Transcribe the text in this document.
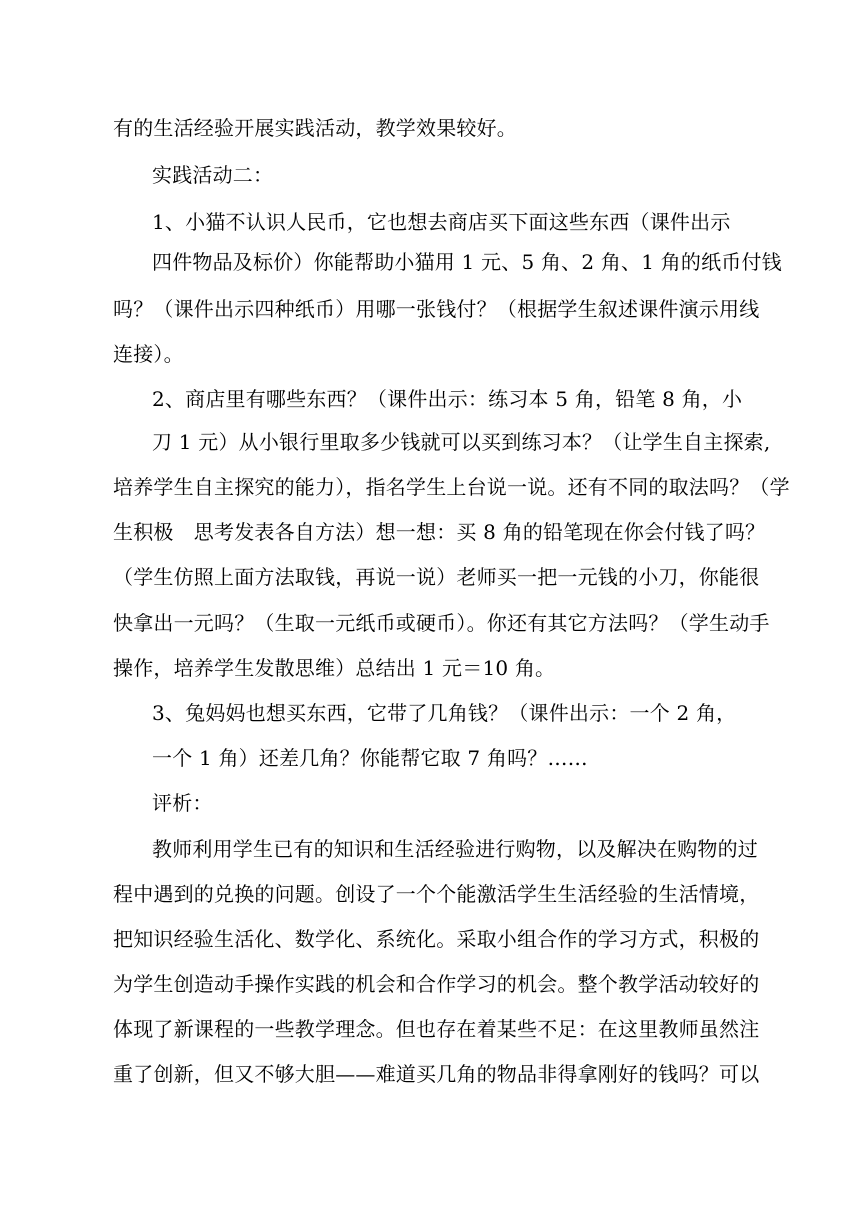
有的生活经验开展实践活动，教学效果较好。
实践活动二：
1、小猫不认识人民币，它也想去商店买下面这些东西（课件出示
四件物品及标价）你能帮助小猫用 1 元、5 角、2 角、1 角的纸币付钱
吗？（课件出示四种纸币）用哪一张钱付？（根据学生叙述课件演示用线
连接）。
2、商店里有哪些东西？（课件出示：练习本 5 角，铅笔 8 角，小
刀 1 元）从小银行里取多少钱就可以买到练习本？（让学生自主探索,
培养学生自主探究的能力），指名学生上台说一说。还有不同的取法吗？（学
生积极　思考发表各自方法）想一想：买 8 角的铅笔现在你会付钱了吗？
（学生仿照上面方法取钱，再说一说）老师买一把一元钱的小刀，你能很
快拿出一元吗？（生取一元纸币或硬币）。你还有其它方法吗？（学生动手
操作，培养学生发散思维）总结出 1 元＝10 角。
3、兔妈妈也想买东西，它带了几角钱？（课件出示：一个 2 角，
一个 1 角）还差几角？你能帮它取 7 角吗？……
评析：
教师利用学生已有的知识和生活经验进行购物，以及解决在购物的过
程中遇到的兑换的问题。创设了一个个能激活学生生活经验的生活情境，
把知识经验生活化、数学化、系统化。采取小组合作的学习方式，积极的
为学生创造动手操作实践的机会和合作学习的机会。整个教学活动较好的
体现了新课程的一些教学理念。但也存在着某些不足：在这里教师虽然注
重了创新，但又不够大胆——难道买几角的物品非得拿刚好的钱吗？可以
